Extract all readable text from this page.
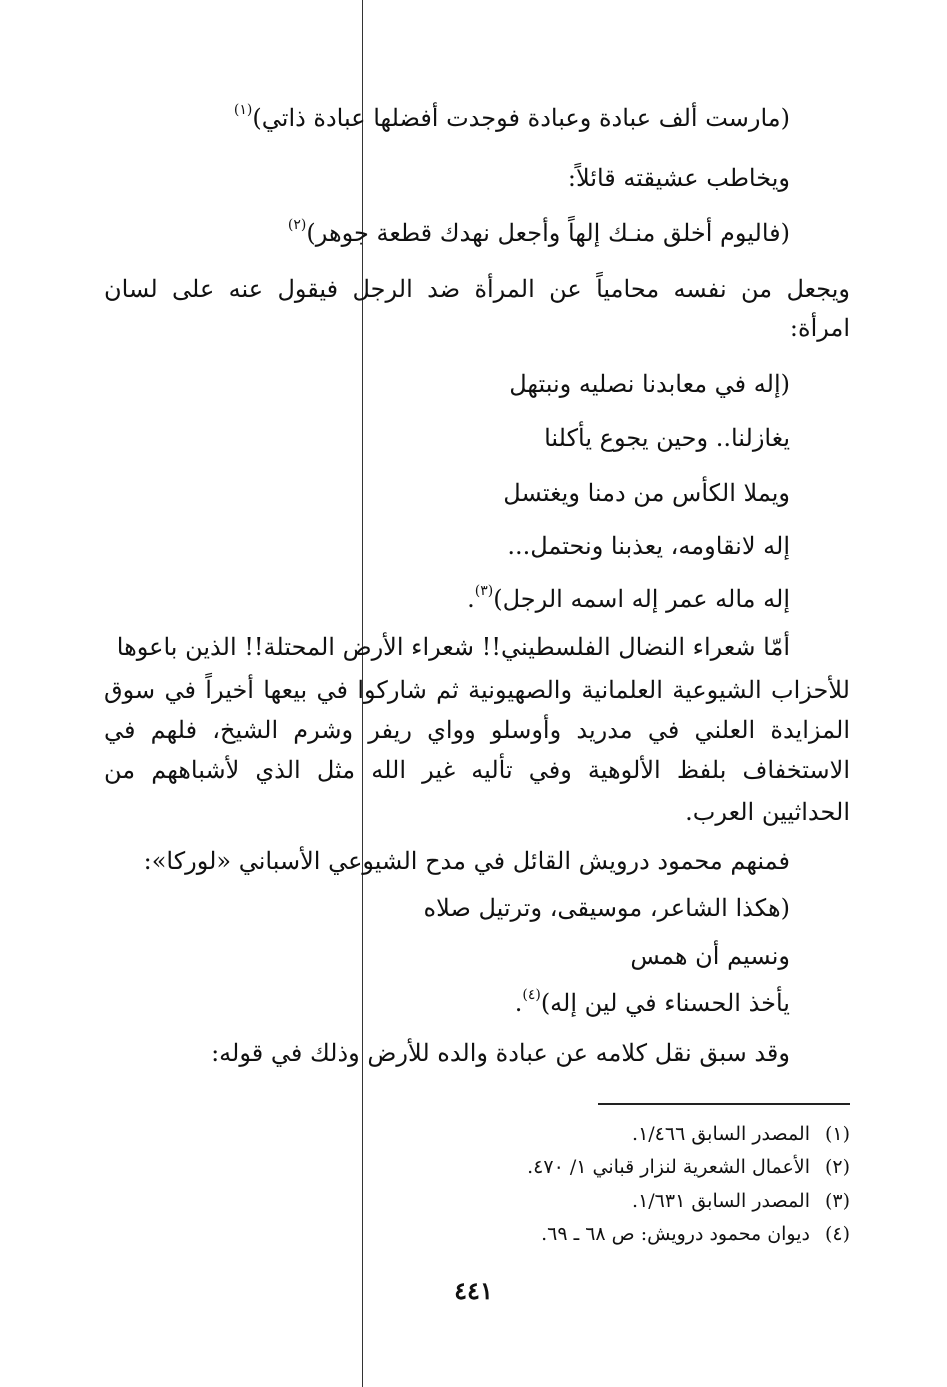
(مارست ألف عبادة وعبادة فوجدت أفضلها عبادة ذاتي)$^{(١)}$
ويخاطب عشيقته قائلاً:
(فاليوم أخلق منـك إلهاً وأجعل نهدك قطعة جوهر)$^{(٢)}$
ويجعل من نفسه محامياً عن المرأة ضد الرجل فيقول عنه على لسان
امرأة:
(إله في معابدنا نصليه ونبتهل
يغازلنا.. وحين يجوع يأكلنا
ويملا الكأس من دمنا ويغتسل
إله لانقاومه، يعذبنا ونحتمل...
إله ماله عمر إله اسمه الرجل)$^{(٣)}$.
أمّا شعراء النضال الفلسطيني!! شعراء الأرض المحتلة!! الذين باعوها
للأحزاب الشيوعية العلمانية والصهيونية ثم شاركوا في بيعها أخيراً في سوق
المزايدة العلني في مدريد وأوسلو وواي ريفر وشرم الشيخ، فلهم في
الاستخفاف بلفظ الألوهية وفي تأليه غير الله مثل الذي لأشباههم من
الحداثيين العرب.
فمنهم محمود درويش القائل في مدح الشيوعي الأسباني «لوركا»:
(هكذا الشاعر، موسيقى، وترتيل صلاه
ونسيم أن همس
يأخذ الحسناء في لين إله)$^{(٤)}$.
وقد سبق نقل كلامه عن عبادة والده للأرض وذلك في قوله:
(١)المصدر السابق ١/٤٦٦.
(٢)الأعمال الشعرية لنزار قباني ١/ ٤٧٠.
(٣)المصدر السابق ١/٦٣١.
(٤)ديوان محمود درويش: ص ٦٨ ـ ٦٩.
٤٤١
